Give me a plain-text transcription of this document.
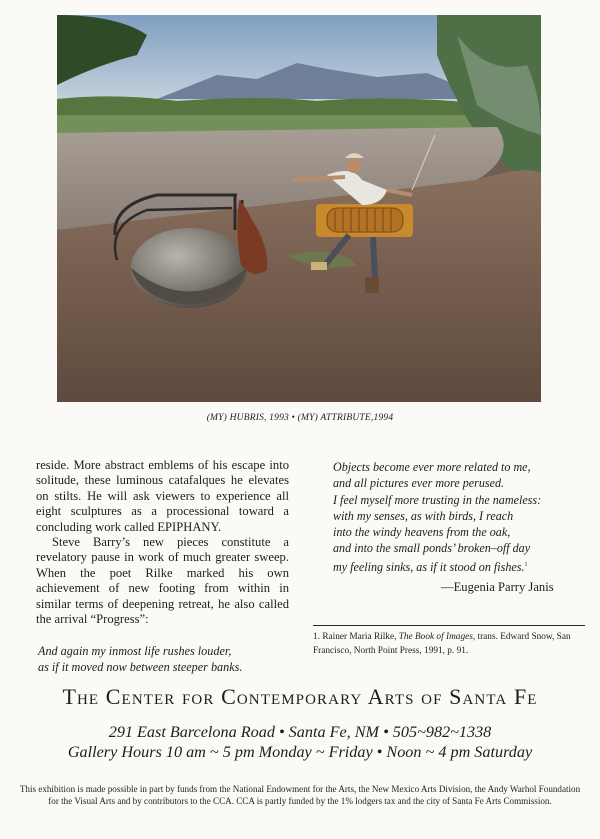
(MY) HUBRIS, 1993 • (MY) ATTRIBUTE,1994

reside. More abstract emblems of his escape into solitude, these luminous catafalques he elevates on stilts. He will ask viewers to experience all eight sculptures as a processional toward a concluding work called EPIPHANY.

Steve Barry’s new pieces constitute a revelatory pause in work of much greater sweep. When the poet Rilke marked his own achievement of new footing from within in similar terms of deepening retreat, he also called the arrival “Progress”:

And again my inmost life rushes louder,
as if it moved now between steeper banks.
Objects become ever more related to me,
and all pictures ever more perused.
I feel myself more trusting in the nameless:
with my senses, as with birds, I reach
into the windy heavens from the oak,
and into the small ponds’ broken–off day
my feeling sinks, as if it stood on fishes.$^1$
—Eugenia Parry Janis
1. Rainer Maria Rilke, The Book of Images, trans. Edward Snow, San Francisco, North Point Press, 1991, p. 91.
The Center for Contemporary Arts of Santa Fe
291 East Barcelona Road • Santa Fe, NM • 505~982~1338
Gallery Hours 10 am ~ 5 pm Monday ~ Friday • Noon ~ 4 pm Saturday
This exhibition is made possible in part by funds from the National Endowment for the Arts, the New Mexico Arts Division, the Andy Warhol Foundation for the Visual Arts and by contributors to the CCA. CCA is partly funded by the 1% lodgers tax and the city of Santa Fe Arts Commission.
